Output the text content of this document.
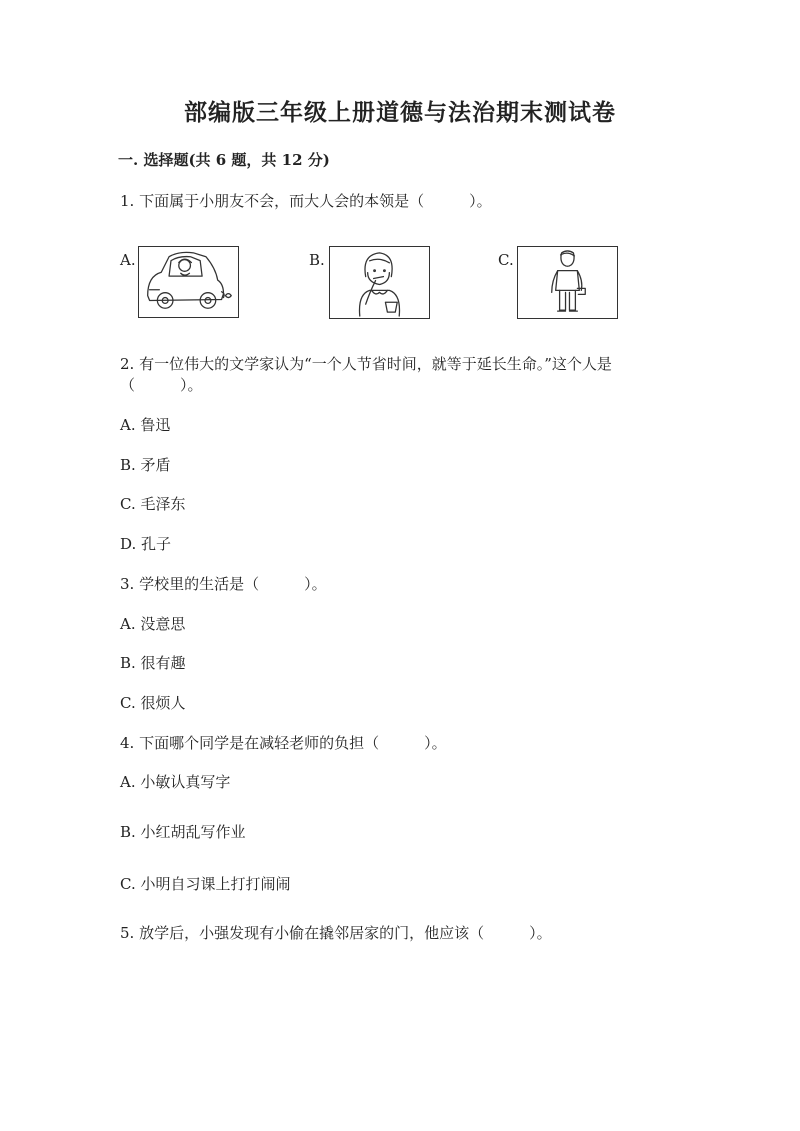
部编版三年级上册道德与法治期末测试卷
一. 选择题(共 6 题，共 12 分)
1. 下面属于小朋友不会，而大人会的本领是（　　　）。
A.	B.	C.
2. 有一位伟大的文学家认为“一个人节省时间，就等于延长生命。”这个人是（　　　）。
A. 鲁迅
B. 矛盾
C. 毛泽东
D. 孔子
3. 学校里的生活是（　　　）。
A. 没意思
B. 很有趣
C. 很烦人
4. 下面哪个同学是在减轻老师的负担（　　　）。
A. 小敏认真写字
B. 小红胡乱写作业
C. 小明自习课上打打闹闹
5. 放学后，小强发现有小偷在撬邻居家的门，他应该（　　　）。
